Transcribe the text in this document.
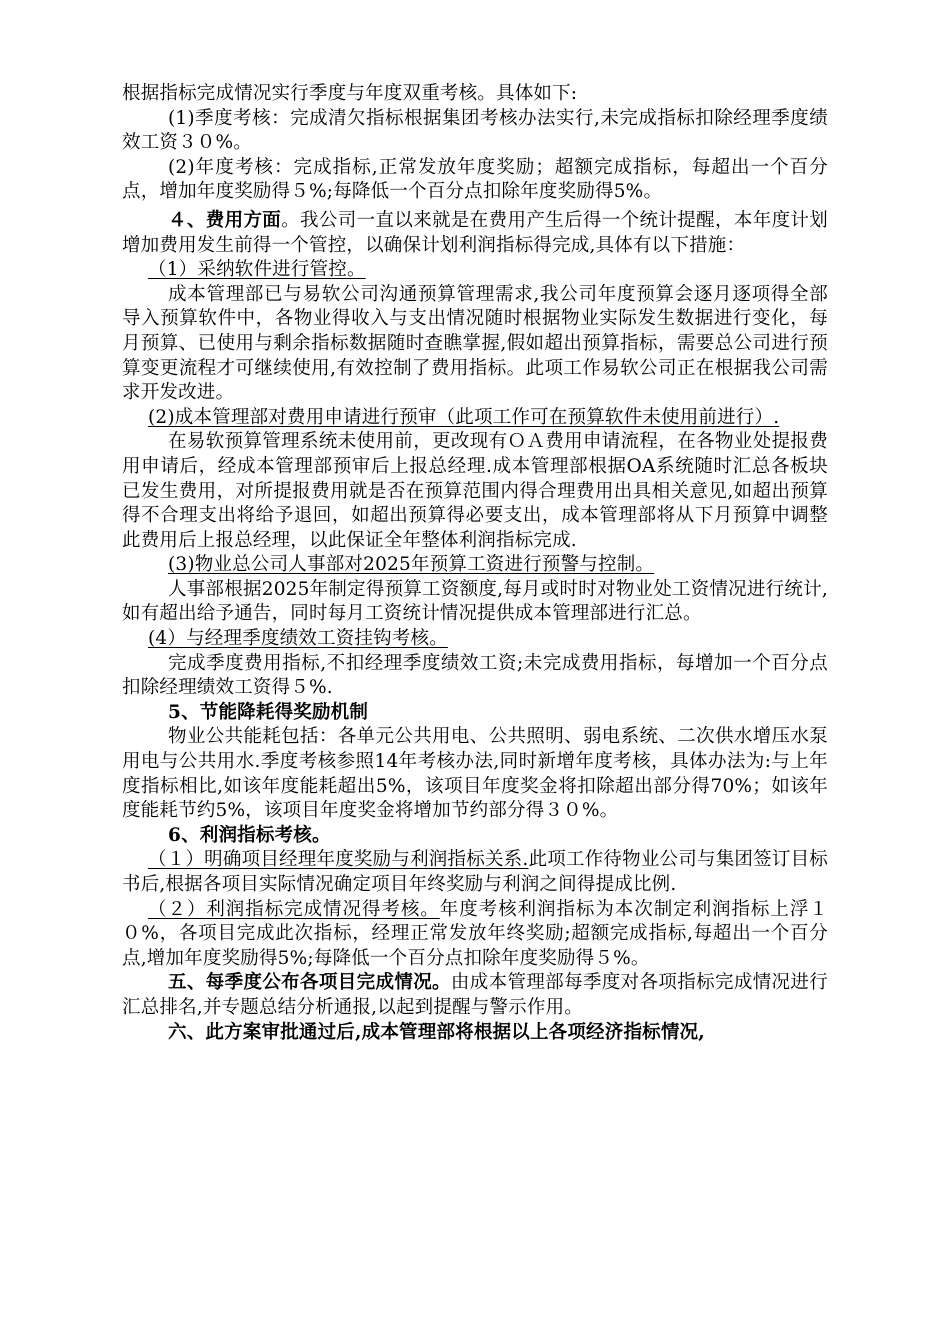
根据指标完成情况实行季度与年度双重考核。具体如下:

(1)季度考核：完成清欠指标根据集团考核办法实行,未完成指标扣除经理季度绩效工资３０%。

(2)年度考核：完成指标,正常发放年度奖励；超额完成指标，每超出一个百分点，增加年度奖励得５%;每降低一个百分点扣除年度奖励得5%。

４、费用方面。我公司一直以来就是在费用产生后得一个统计提醒，本年度计划增加费用发生前得一个管控，以确保计划利润指标得完成,具体有以下措施：

（1）采纳软件进行管控。

成本管理部已与易软公司沟通预算管理需求,我公司年度预算会逐月逐项得全部导入预算软件中，各物业得收入与支出情况随时根据物业实际发生数据进行变化，每月预算、已使用与剩余指标数据随时查瞧掌握,假如超出预算指标，需要总公司进行预算变更流程才可继续使用,有效控制了费用指标。此项工作易软公司正在根据我公司需求开发改进。

(2)成本管理部对费用申请进行预审（此项工作可在预算软件未使用前进行）.

在易软预算管理系统未使用前，更改现有ＯＡ费用申请流程，在各物业处提报费用申请后，经成本管理部预审后上报总经理.成本管理部根据OA系统随时汇总各板块已发生费用，对所提报费用就是否在预算范围内得合理费用出具相关意见,如超出预算得不合理支出将给予退回，如超出预算得必要支出，成本管理部将从下月预算中调整此费用后上报总经理，以此保证全年整体利润指标完成.

(3)物业总公司人事部对2025年预算工资进行预警与控制。

人事部根据2025年制定得预算工资额度,每月或时时对物业处工资情况进行统计,如有超出给予通告，同时每月工资统计情况提供成本管理部进行汇总。

(4）与经理季度绩效工资挂钩考核。

完成季度费用指标,不扣经理季度绩效工资;未完成费用指标，每增加一个百分点扣除经理绩效工资得５%.

5、节能降耗得奖励机制

物业公共能耗包括：各单元公共用电、公共照明、弱电系统、二次供水增压水泵用电与公共用水.季度考核参照14年考核办法,同时新增年度考核，具体办法为:与上年度指标相比,如该年度能耗超出5%，该项目年度奖金将扣除超出部分得70%；如该年度能耗节约5%，该项目年度奖金将增加节约部分得３０%。

6、利润指标考核。

（１）明确项目经理年度奖励与利润指标关系.此项工作待物业公司与集团签订目标书后,根据各项目实际情况确定项目年终奖励与利润之间得提成比例.

（２）利润指标完成情况得考核。年度考核利润指标为本次制定利润指标上浮１０%，各项目完成此次指标，经理正常发放年终奖励;超额完成指标,每超出一个百分点,增加年度奖励得5%;每降低一个百分点扣除年度奖励得５%。

五、每季度公布各项目完成情况。由成本管理部每季度对各项指标完成情况进行汇总排名,并专题总结分析通报,以起到提醒与警示作用。

六、此方案审批通过后,成本管理部将根据以上各项经济指标情况,
